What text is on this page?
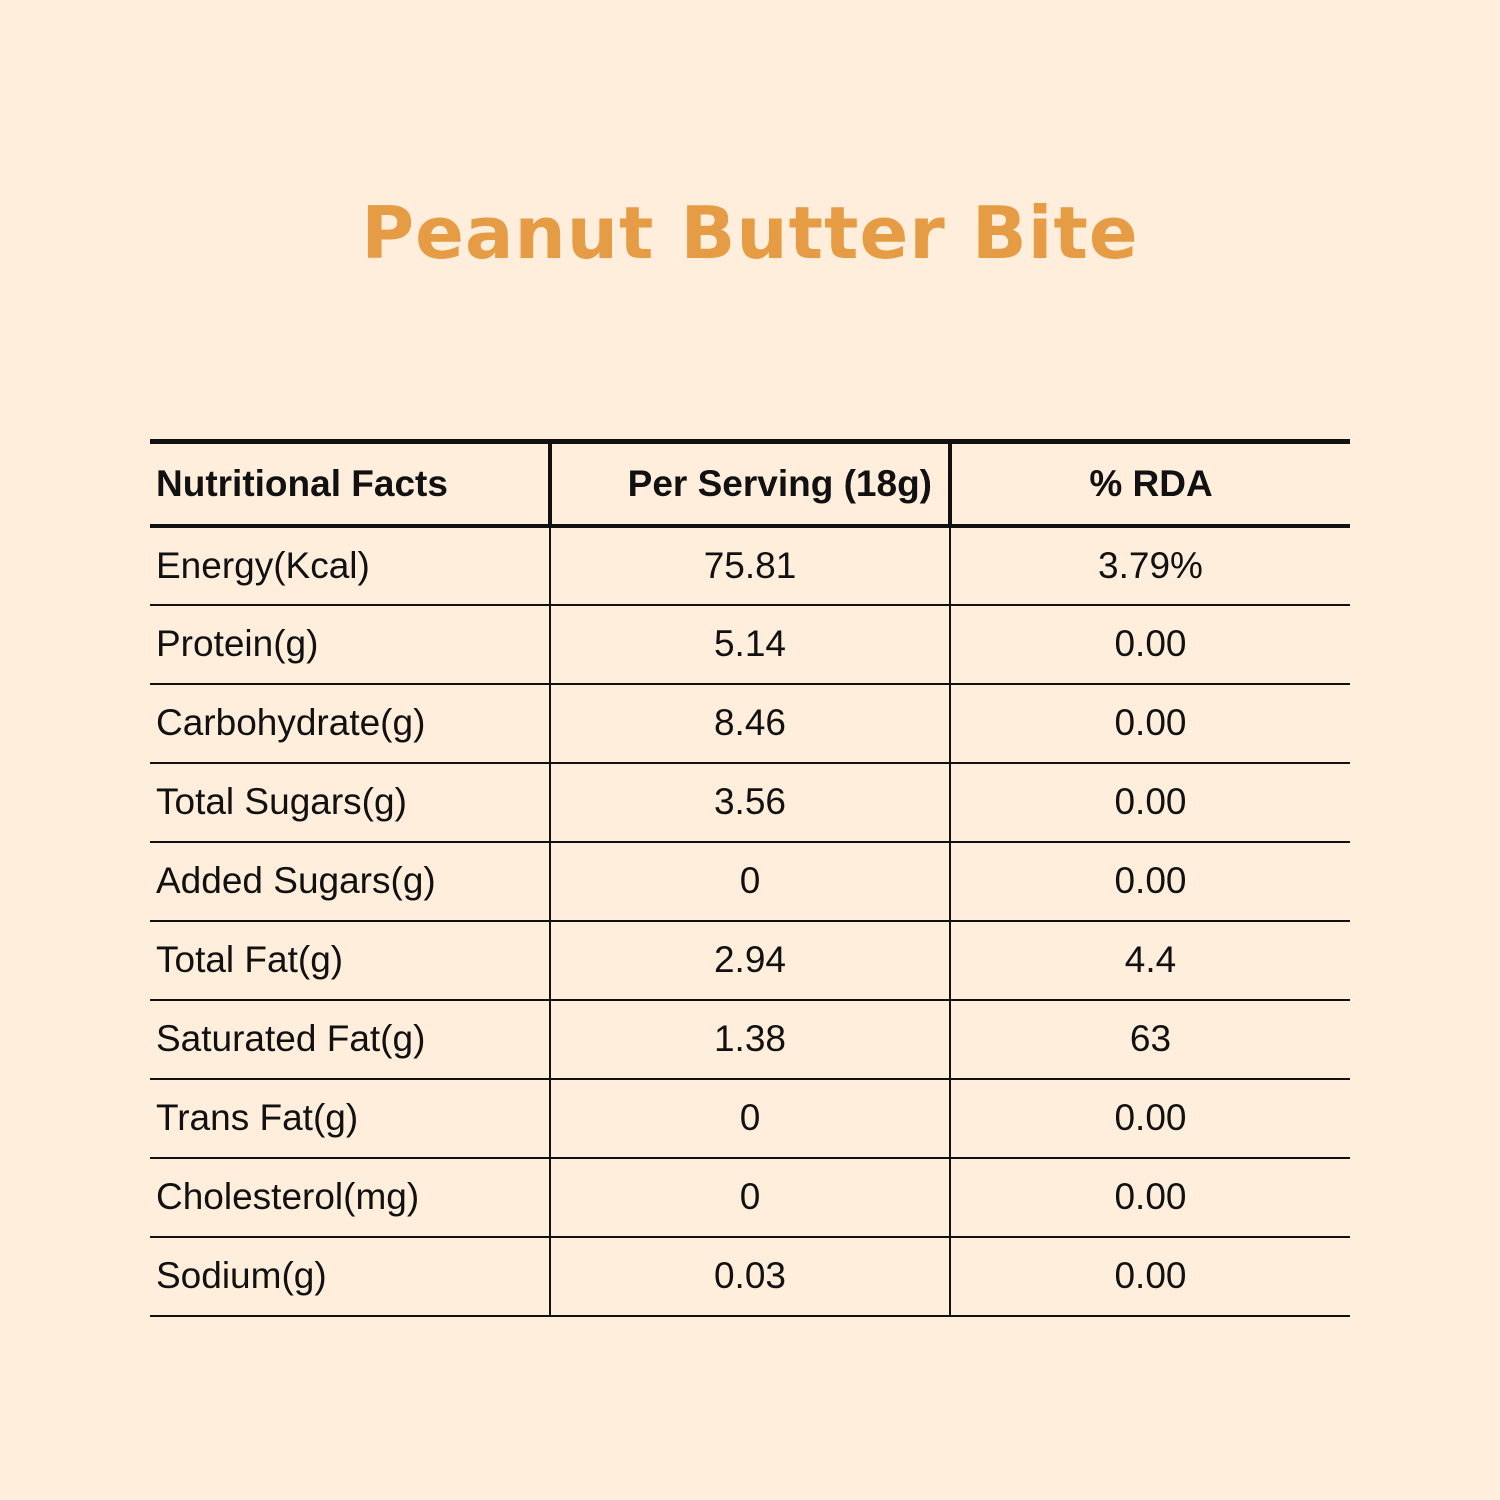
Peanut Butter Bite
Nutritional Facts	Per Serving (18g)	% RDA
Energy(Kcal)	75.81	3.79%
Protein(g)	5.14	0.00
Carbohydrate(g)	8.46	0.00
Total Sugars(g)	3.56	0.00
Added Sugars(g)	0	0.00
Total Fat(g)	2.94	4.4
Saturated Fat(g)	1.38	63
Trans Fat(g)	0	0.00
Cholesterol(mg)	0	0.00
Sodium(g)	0.03	0.00
